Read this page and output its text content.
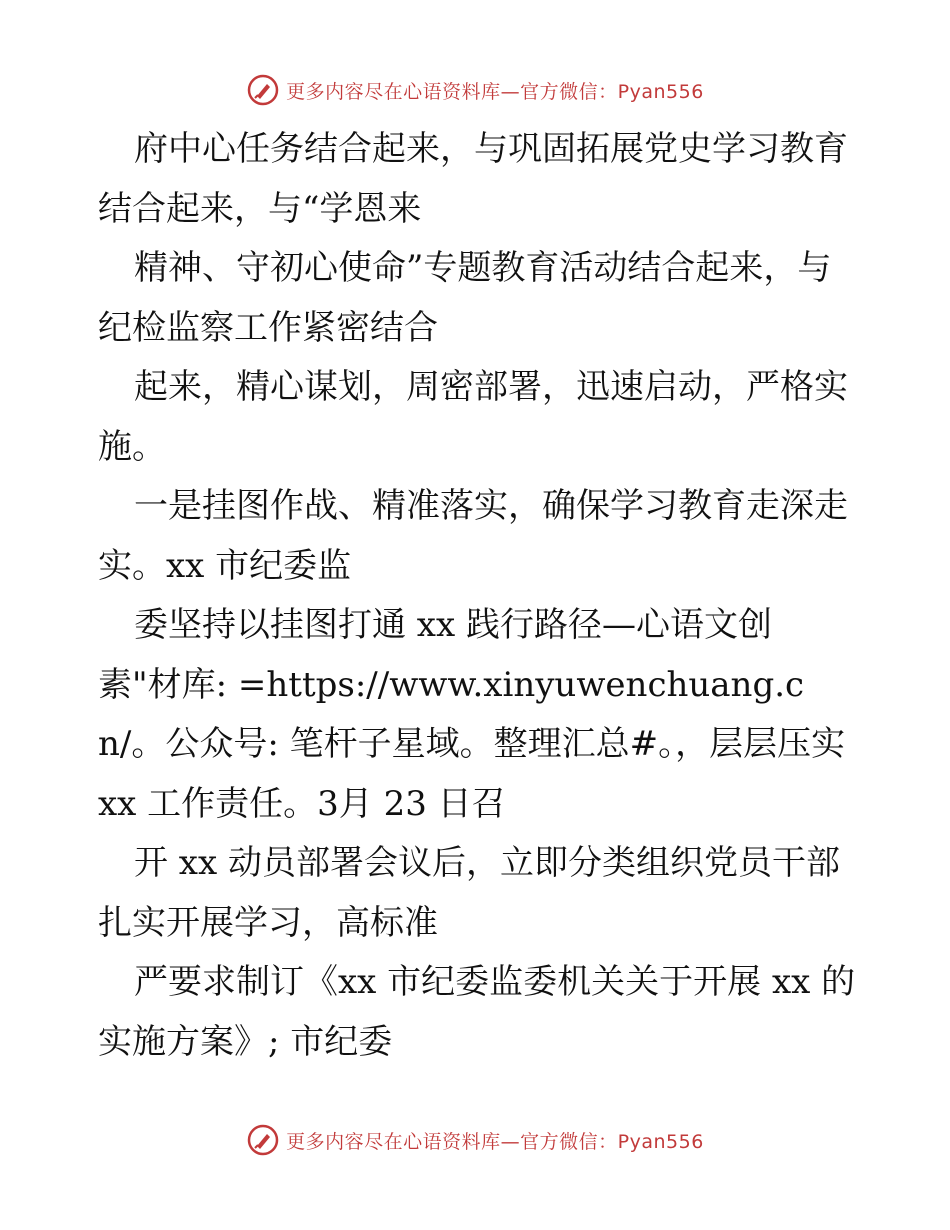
更多内容尽在心语资料库—官方微信：Pyan556

府中心任务结合起来，与巩固拓展党史学习教育结合起来，与“学恩来

精神、守初心使命”专题教育活动结合起来，与纪检监察工作紧密结合

起来，精心谋划，周密部署，迅速启动，严格实施。

一是挂图作战、精准落实，确保学习教育走深走实。xx 市纪委监

委坚持以挂图打通 xx 践行路径—心语文创 素"材库: =https://www.xinyuwenchuang.cn/。公众号: 笔杆子星域。整理汇总#。，层层压实 xx 工作责任。3月 23 日召

开 xx 动员部署会议后，立即分类组织党员干部扎实开展学习，高标准

严要求制订《xx 市纪委监委机关关于开展 xx 的实施方案》; 市纪委

更多内容尽在心语资料库—官方微信：Pyan556
